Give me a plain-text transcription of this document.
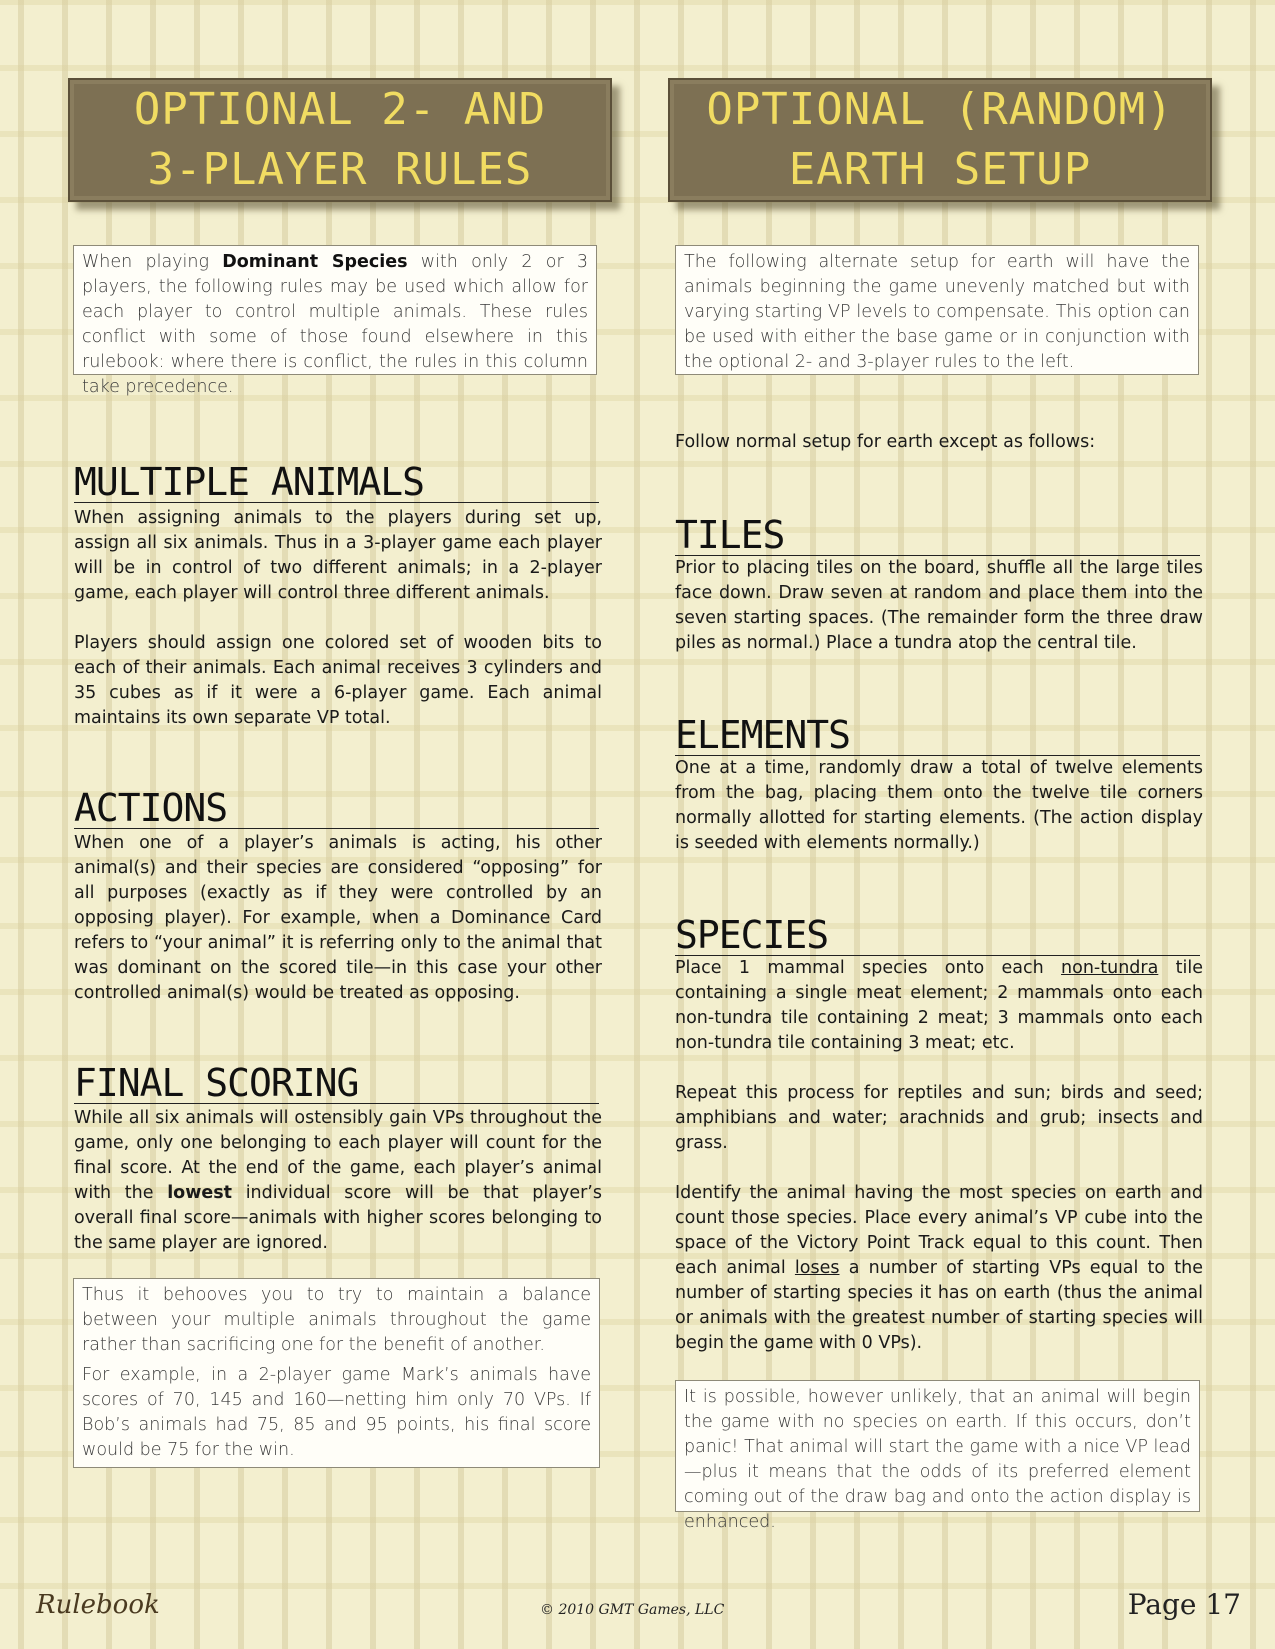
OPTIONAL 2- AND
3-PLAYER RULES
OPTIONAL (RANDOM)
EARTH SETUP

When playing Dominant Species with only 2 or 3 players, the following rules may be used which allow for each player to control multiple animals. These rules conflict with some of those found elsewhere in this rulebook: where there is conflict, the rules in this column take precedence.

The following alternate setup for earth will have the animals beginning the game unevenly matched but with varying starting VP levels to compensate. This option can be used with either the base game or in conjunction with the optional 2- and 3-player rules to the left.

MULTIPLE ANIMALS

When assigning animals to the players during set up, assign all six animals. Thus in a 3-player game each player will be in control of two different animals; in a 2-player game, each player will control three different animals.

Players should assign one colored set of wooden bits to each of their animals. Each animal receives 3 cylinders and 35 cubes as if it were a 6-player game. Each animal maintains its own separate VP total.

ACTIONS

When one of a player’s animals is acting, his other animal(s) and their species are considered “opposing” for all purposes (exactly as if they were controlled by an opposing player). For example, when a Dominance Card refers to “your animal” it is referring only to the animal that was dominant on the scored tile—in this case your other controlled animal(s) would be treated as opposing.

FINAL SCORING

While all six animals will ostensibly gain VPs throughout the game, only one belonging to each player will count for the final score. At the end of the game, each player’s animal with the lowest individual score will be that player’s overall final score—animals with higher scores belonging to the same player are ignored.

Thus it behooves you to try to maintain a balance between your multiple animals throughout the game rather than sacrificing one for the benefit of another.

For example, in a 2-player game Mark’s animals have scores of 70, 145 and 160—netting him only 70 VPs. If Bob’s animals had 75, 85 and 95 points, his final score would be 75 for the win.

Follow normal setup for earth except as follows:

TILES

Prior to placing tiles on the board, shuffle all the large tiles face down. Draw seven at random and place them into the seven starting spaces. (The remainder form the three draw piles as normal.) Place a tundra atop the central tile.

ELEMENTS

One at a time, randomly draw a total of twelve elements from the bag, placing them onto the twelve tile corners normally allotted for starting elements. (The action display is seeded with elements normally.)

SPECIES

Place 1 mammal species onto each non-tundra tile containing a single meat element; 2 mammals onto each non-tundra tile containing 2 meat; 3 mammals onto each non-tundra tile containing 3 meat; etc.

Repeat this process for reptiles and sun; birds and seed; amphibians and water; arachnids and grub; insects and grass.

Identify the animal having the most species on earth and count those species. Place every animal’s VP cube into the space of the Victory Point Track equal to this count. Then each animal loses a number of starting VPs equal to the number of starting species it has on earth (thus the animal or animals with the greatest number of starting species will begin the game with 0 VPs).

It is possible, however unlikely, that an animal will begin the game with no species on earth. If this occurs, don’t panic! That animal will start the game with a nice VP lead—plus it means that the odds of its preferred element coming out of the draw bag and onto the action display is enhanced.

Rulebook	© 2010 GMT Games, LLC	Page 17
